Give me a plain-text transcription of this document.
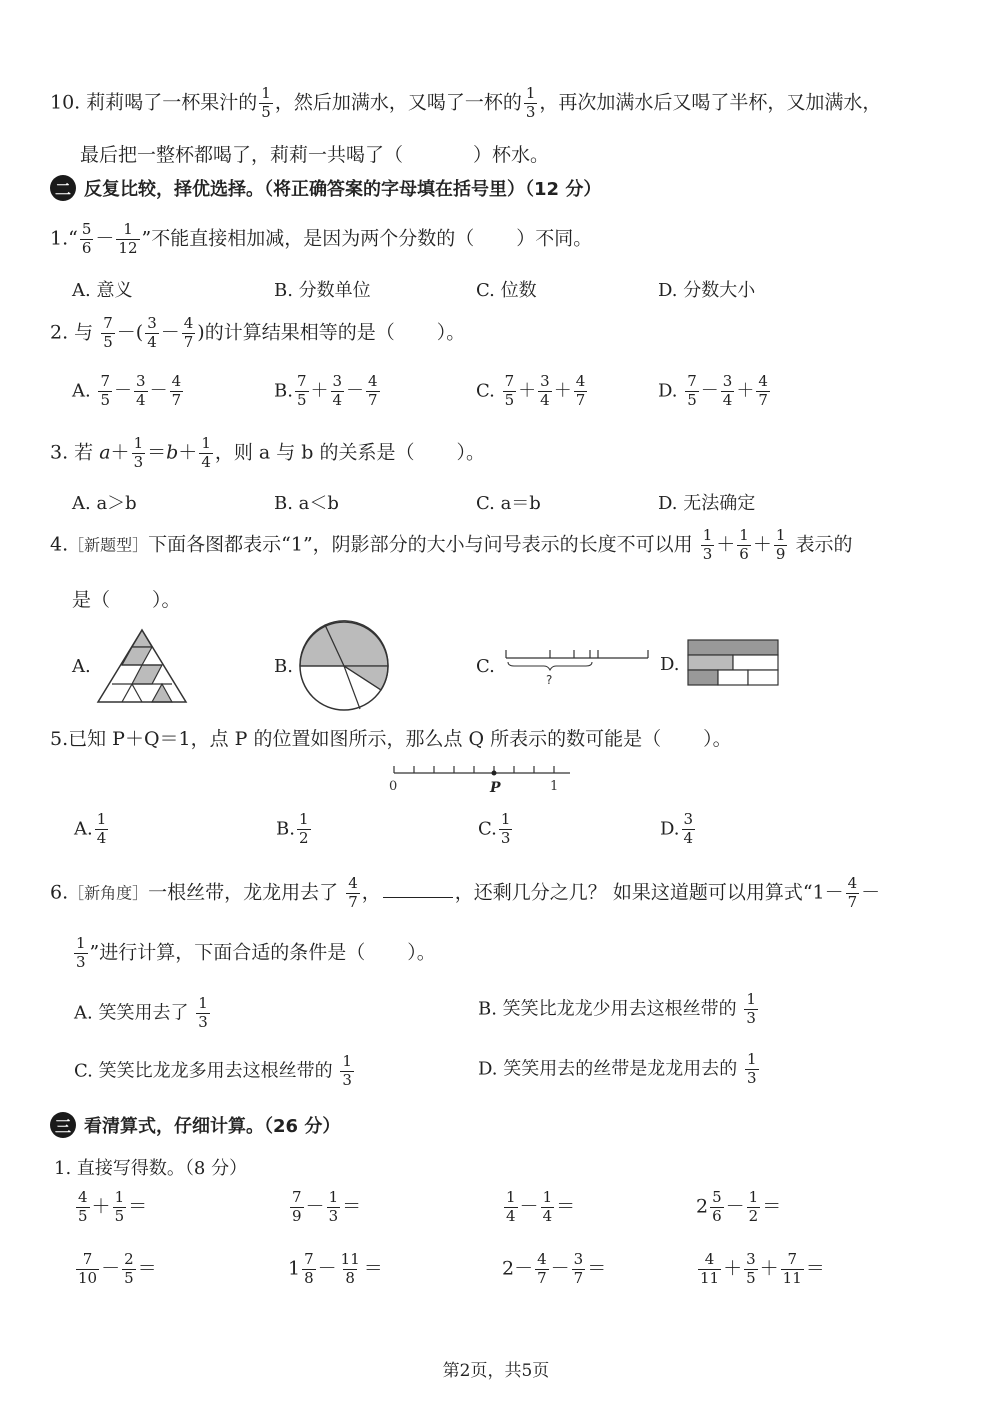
10. 莉莉喝了一杯果汁的 $\frac{1}{5}$ ，然后加满水，又喝了一杯的 $\frac{1}{3}$ ，再次加满水后又喝了半杯，又加满水，
最后把一整杯都喝了，莉莉一共喝了（	）杯水。
二 反复比较，择优选择。（将正确答案的字母填在括号里）（12 分）
1.“ $\frac{5}{6} - \frac{1}{12}$ ”不能直接相加减，是因为两个分数的（ ）不同。
A. 意义	B. 分数单位	C. 位数	D. 分数大小
2. 与 $\frac{7}{5}$ －( $\frac{3}{4} - \frac{4}{7}$ )的计算结果相等的是（ ）。
A. $\frac{7}{5} - \frac{3}{4} - \frac{4}{7}$	B. $\frac{7}{5} + \frac{3}{4} - \frac{4}{7}$	C. $\frac{7}{5} + \frac{3}{4} + \frac{4}{7}$	D. $\frac{7}{5} - \frac{3}{4} + \frac{4}{7}$
3. 若 $a+ \frac{1}{3} =b+ \frac{1}{4}$ ，则 a 与 b 的关系是（ ）。
A. a＞b	B. a＜b	C. a＝b	D. 无法确定
4.［新题型］下面各图都表示“1”，阴影部分的大小与问号表示的长度不可以用 $\frac{1}{3} + \frac{1}{6} + \frac{1}{9}$ 表示的
是（ ）。
A.	B.	C.	D.
?
5.已知 P＋Q＝1，点 P 的位置如图所示，那么点 Q 所表示的数可能是（ ）。
0	1
P
A. $\frac{1}{4}$	B. $\frac{1}{2}$	C. $\frac{1}{3}$	D. $\frac{3}{4}$
6.［新角度］一根丝带，龙龙用去了 $\frac{4}{7}$ ，	，还剩几分之几？ 如果这道题可以用算式“$1- \frac{4}{7}$ －
$\frac{1}{3}$ ”进行计算，下面合适的条件是（ ）。
A. 笑笑用去了 $\frac{1}{3}$	B. 笑笑比龙龙少用去这根丝带的 $\frac{1}{3}$
C. 笑笑比龙龙多用去这根丝带的 $\frac{1}{3}$	D. 笑笑用去的丝带是龙龙用去的 $\frac{1}{3}$
三 看清算式，仔细计算。（26 分）
1. 直接写得数。（8 分）
$\frac{4}{5} + \frac{1}{5}$ ＝	$\frac{7}{9} - \frac{1}{3}$ ＝	$\frac{1}{4} - \frac{1}{4}$ ＝	$2 \frac{5}{6} - \frac{1}{2}$ ＝
$\frac{7}{10} - \frac{2}{5}$ ＝	$1 \frac{7}{8} - \frac{11}{8}$ ＝	$2- \frac{4}{7} - \frac{3}{7}$ ＝	$\frac{4}{11} + \frac{3}{5} + \frac{7}{11}$ ＝
第2页，共5页
